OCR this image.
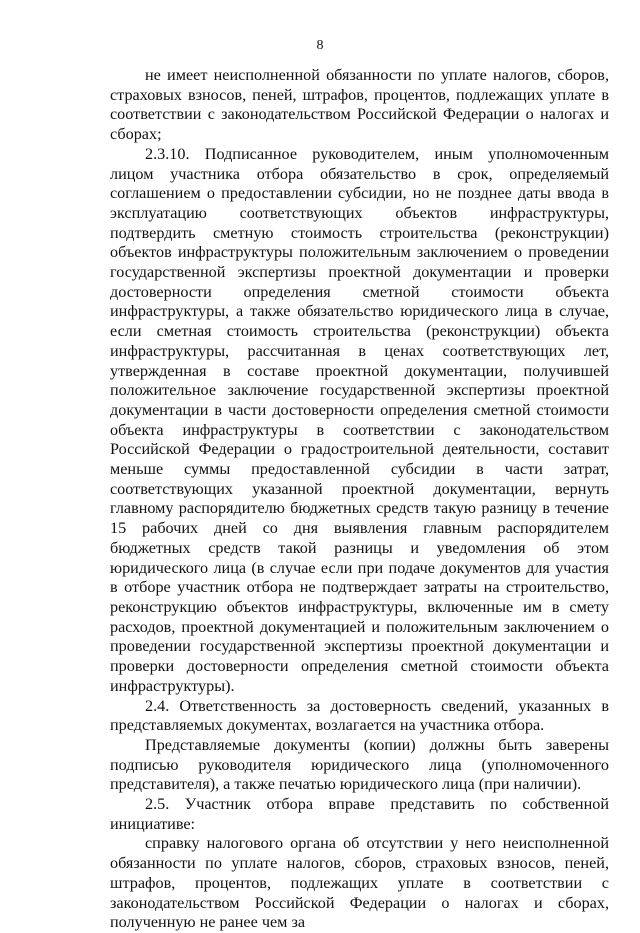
8

не имеет неисполненной обязанности по уплате налогов, сборов, страховых взносов, пеней, штрафов, процентов, подлежащих уплате в соответствии с законодательством Российской Федерации о налогах и сборах;

2.3.10. Подписанное руководителем, иным уполномоченным лицом участника отбора обязательство в срок, определяемый соглашением о предоставлении субсидии, но не позднее даты ввода в эксплуатацию соответствующих объектов инфраструктуры, подтвердить сметную стоимость строительства (реконструкции) объектов инфраструктуры положительным заключением о проведении государственной экспертизы проектной документации и проверки достоверности определения сметной стоимости объекта инфраструктуры, а также обязательство юридического лица в случае, если сметная стоимость строительства (реконструкции) объекта инфраструктуры, рассчитанная в ценах соответствующих лет, утвержденная в составе проектной документации, получившей положительное заключение государственной экспертизы проектной документации в части достоверности определения сметной стоимости объекта инфраструктуры в соответствии с законодательством Российской Федерации о градостроительной деятельности, составит меньше суммы предоставленной субсидии в части затрат, соответствующих указанной проектной документации, вернуть главному распорядителю бюджетных средств такую разницу в течение 15 рабочих дней со дня выявления главным распорядителем бюджетных средств такой разницы и уведомления об этом юридического лица (в случае если при подаче документов для участия в отборе участник отбора не подтверждает затраты на строительство, реконструкцию объектов инфраструктуры, включенные им в смету расходов, проектной документацией и положительным заключением о проведении государственной экспертизы проектной документации и проверки достоверности определения сметной стоимости объекта инфраструктуры).

2.4. Ответственность за достоверность сведений, указанных в представляемых документах, возлагается на участника отбора.

Представляемые документы (копии) должны быть заверены подписью руководителя юридического лица (уполномоченного представителя), а также печатью юридического лица (при наличии).

2.5. Участник отбора вправе представить по собственной инициативе:

справку налогового органа об отсутствии у него неисполненной обязанности по уплате налогов, сборов, страховых взносов, пеней, штрафов, процентов, подлежащих уплате в соответствии с законодательством Российской Федерации о налогах и сборах, полученную не ранее чем за
